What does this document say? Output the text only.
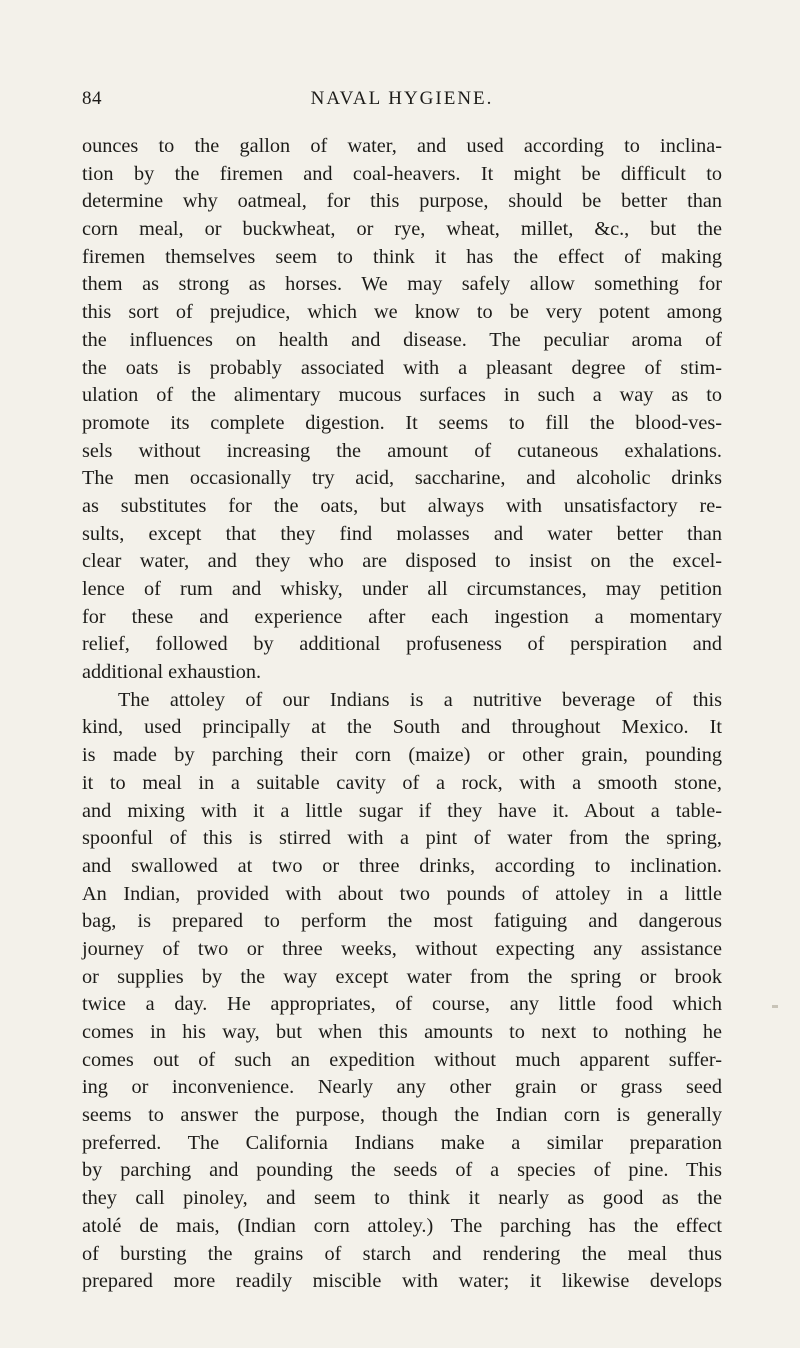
84	NAVAL HYGIENE.
ounces to the gallon of water, and used according to inclina-
tion by the firemen and coal-heavers. It might be difficult to
determine why oatmeal, for this purpose, should be better than
corn meal, or buckwheat, or rye, wheat, millet, &c., but the
firemen themselves seem to think it has the effect of making
them as strong as horses. We may safely allow something for
this sort of prejudice, which we know to be very potent among
the influences on health and disease. The peculiar aroma of
the oats is probably associated with a pleasant degree of stim-
ulation of the alimentary mucous surfaces in such a way as to
promote its complete digestion. It seems to fill the blood-ves-
sels without increasing the amount of cutaneous exhalations.
The men occasionally try acid, saccharine, and alcoholic drinks
as substitutes for the oats, but always with unsatisfactory re-
sults, except that they find molasses and water better than
clear water, and they who are disposed to insist on the excel-
lence of rum and whisky, under all circumstances, may petition
for these and experience after each ingestion a momentary
relief, followed by additional profuseness of perspiration and
additional exhaustion.
The attoley of our Indians is a nutritive beverage of this
kind, used principally at the South and throughout Mexico. It
is made by parching their corn (maize) or other grain, pounding
it to meal in a suitable cavity of a rock, with a smooth stone,
and mixing with it a little sugar if they have it. About a table-
spoonful of this is stirred with a pint of water from the spring,
and swallowed at two or three drinks, according to inclination.
An Indian, provided with about two pounds of attoley in a little
bag, is prepared to perform the most fatiguing and dangerous
journey of two or three weeks, without expecting any assistance
or supplies by the way except water from the spring or brook
twice a day. He appropriates, of course, any little food which
comes in his way, but when this amounts to next to nothing he
comes out of such an expedition without much apparent suffer-
ing or inconvenience. Nearly any other grain or grass seed
seems to answer the purpose, though the Indian corn is generally
preferred. The California Indians make a similar preparation
by parching and pounding the seeds of a species of pine. This
they call pinoley, and seem to think it nearly as good as the
atolé de mais, (Indian corn attoley.) The parching has the effect
of bursting the grains of starch and rendering the meal thus
prepared more readily miscible with water; it likewise develops
